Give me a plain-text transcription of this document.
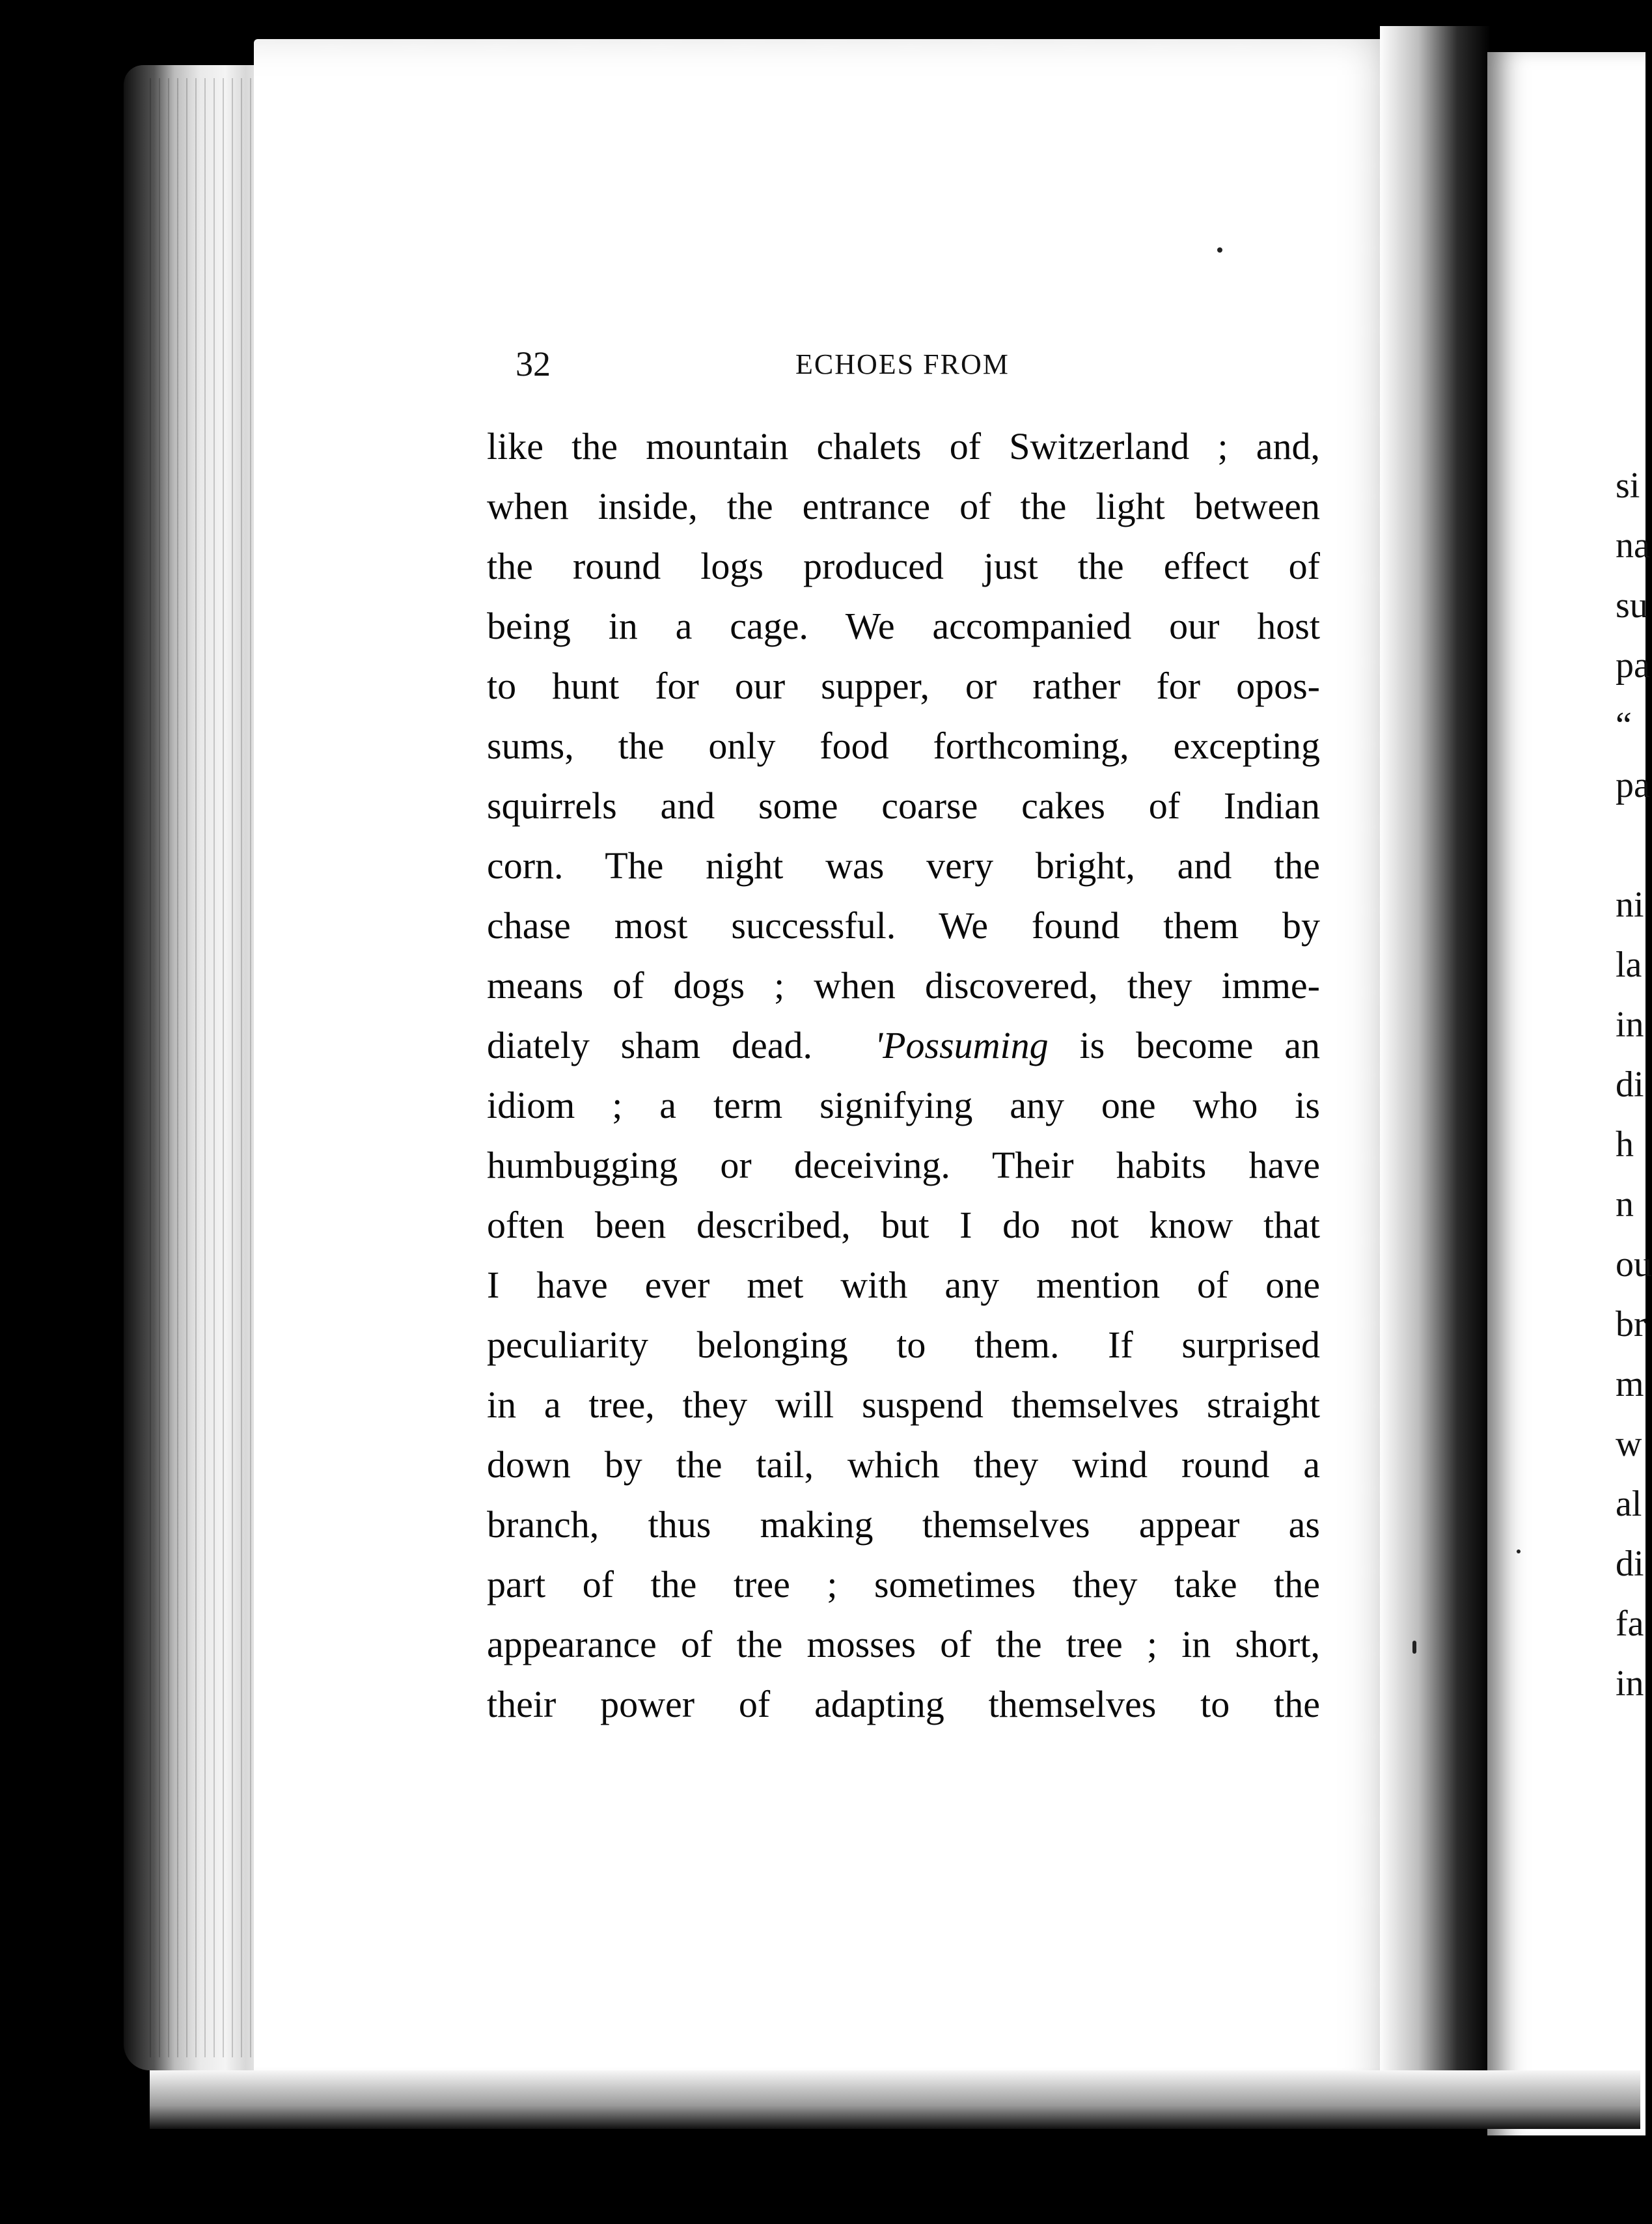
32	ECHOES FROM
like the mountain chalets of Switzerland ; and,
when inside, the entrance of the light between
the round logs produced just the effect of
being in a cage. We accompanied our host
to hunt for our supper, or rather for opos-
sums, the only food forthcoming, excepting
squirrels and some coarse cakes of Indian
corn. The night was very bright, and the
chase most successful. We found them by
means of dogs ; when discovered, they imme-
diately sham dead. 'Possuming is become an
idiom ; a term signifying any one who is
humbugging or deceiving. Their habits have
often been described, but I do not know that
I have ever met with any mention of one
peculiarity belonging to them. If surprised
in a tree, they will suspend themselves straight
down by the tail, which they wind round a
branch, thus making themselves appear as
part of the tree ; sometimes they take the
appearance of the mosses of the tree ; in short,
their power of adapting themselves to the
si
na
su
pa
“
pa
ni
la
in
di
h
n
ou
br
m
w
al
di
fa
in
